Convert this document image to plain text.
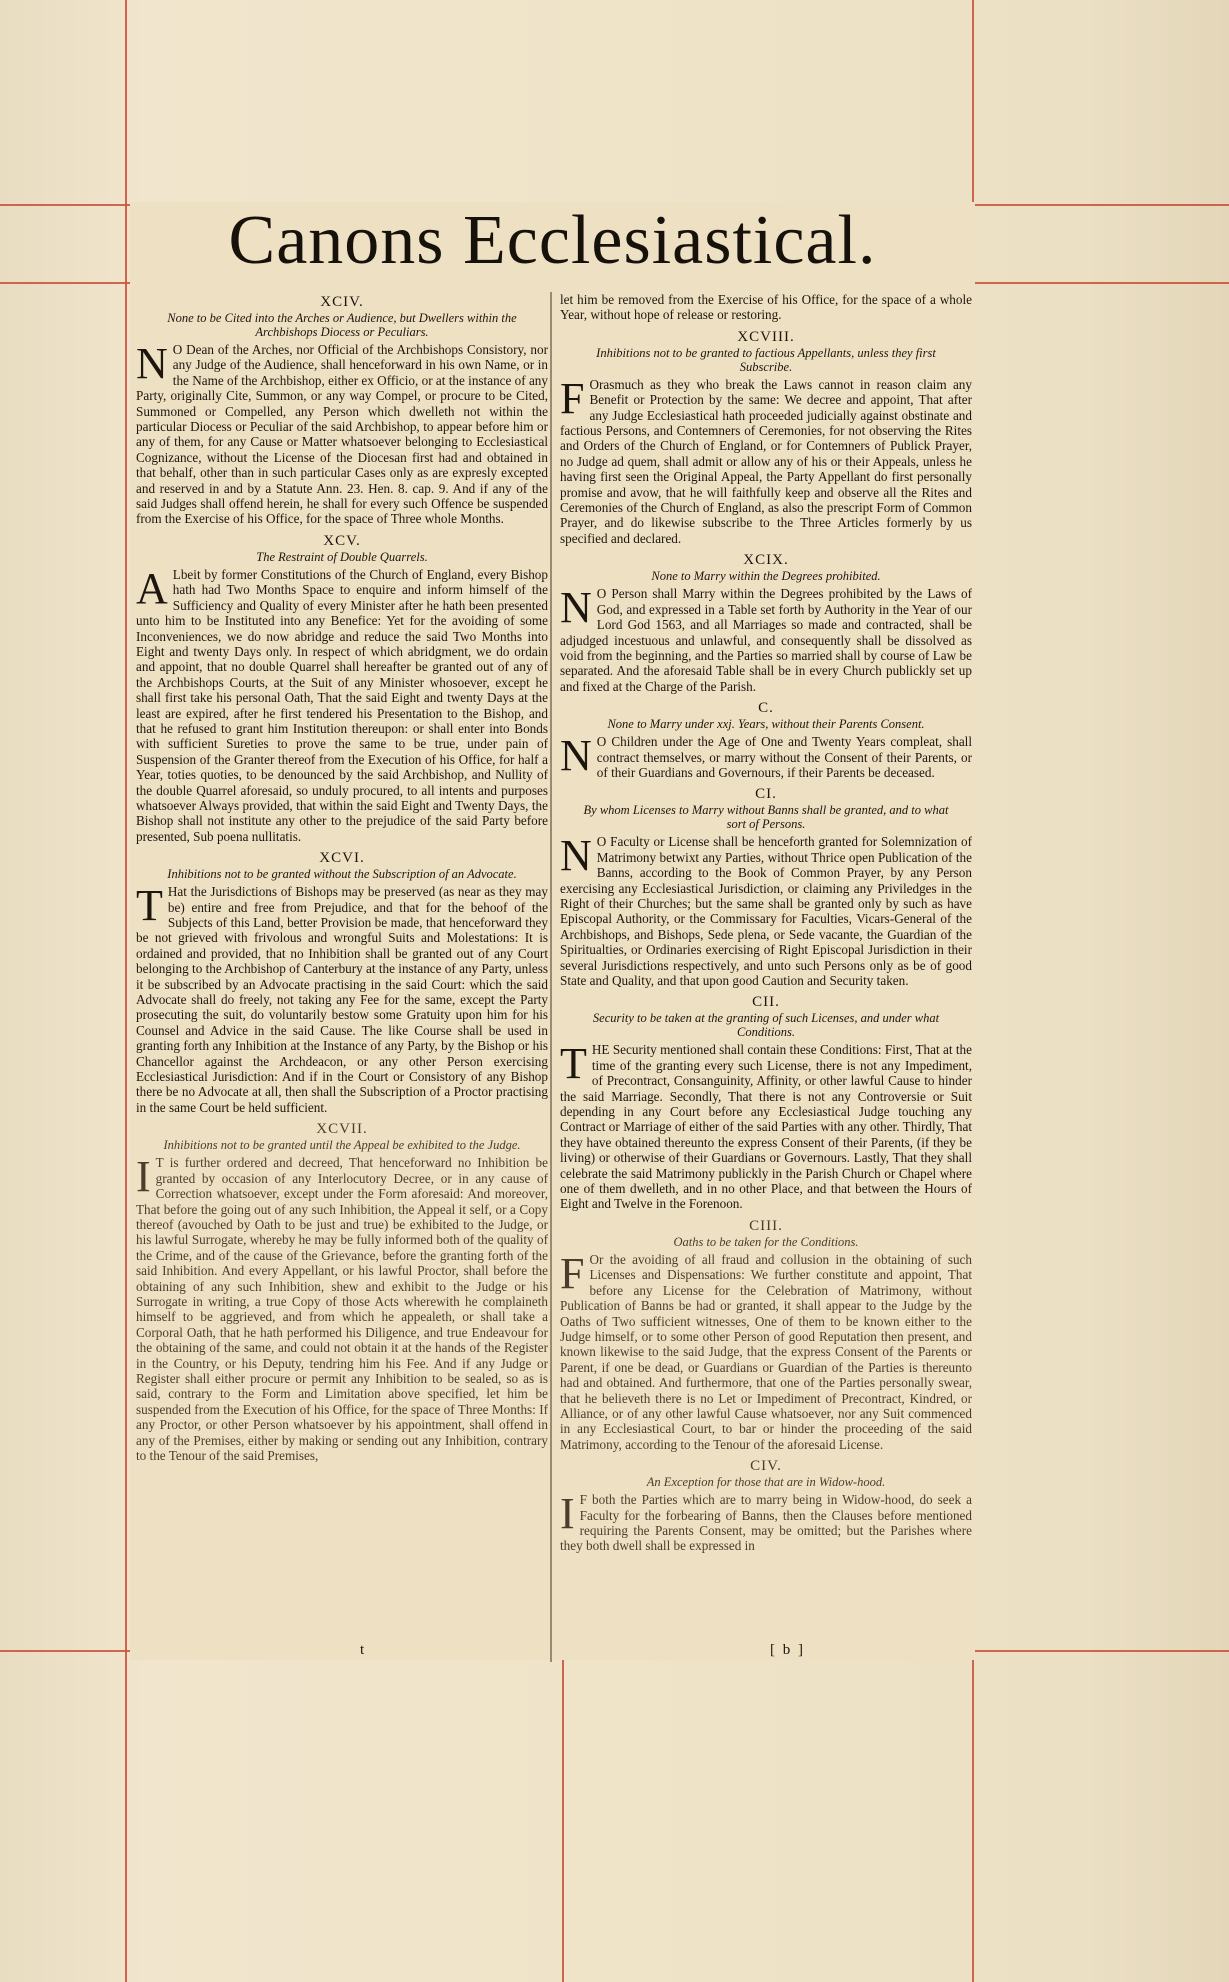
Canons Ecclesiastical.
XCIV.
None to be Cited into the Arches or Audience, but Dwellers within the Archbishops Diocess or Peculiars.

N O Dean of the Arches, nor Official of the Archbishops Consistory, nor any Judge of the Audience, shall henceforward in his own Name, or in the Name of the Archbishop, either ex Officio, or at the instance of any Party, originally Cite, Summon, or any way Compel, or procure to be Cited, Summoned or Compelled, any Person which dwelleth not within the particular Diocess or Peculiar of the said Archbishop, to appear before him or any of them, for any Cause or Matter whatsoever belonging to Ecclesiastical Cognizance, without the License of the Diocesan first had and obtained in that behalf, other than in such particular Cases only as are expresly excepted and reserved in and by a Statute Ann. 23. Hen. 8. cap. 9. And if any of the said Judges shall offend herein, he shall for every such Offence be suspended from the Exercise of his Office, for the space of Three whole Months.

XCV.
The Restraint of Double Quarrels.

A Lbeit by former Constitutions of the Church of England, every Bishop hath had Two Months Space to enquire and inform himself of the Sufficiency and Quality of every Minister after he hath been presented unto him to be Instituted into any Benefice: Yet for the avoiding of some Inconveniences, we do now abridge and reduce the said Two Months into Eight and twenty Days only. In respect of which abridgment, we do ordain and appoint, that no double Quarrel shall hereafter be granted out of any of the Archbishops Courts, at the Suit of any Minister whosoever, except he shall first take his personal Oath, That the said Eight and twenty Days at the least are expired, after he first tendered his Presentation to the Bishop, and that he refused to grant him Institution thereupon: or shall enter into Bonds with sufficient Sureties to prove the same to be true, under pain of Suspension of the Granter thereof from the Execution of his Office, for half a Year, toties quoties, to be denounced by the said Archbishop, and Nullity of the double Quarrel aforesaid, so unduly procured, to all intents and purposes whatsoever Always provided, that within the said Eight and Twenty Days, the Bishop shall not institute any other to the prejudice of the said Party before presented, Sub poena nullitatis.

XCVI.
Inhibitions not to be granted without the Subscription of an Advocate.

T Hat the Jurisdictions of Bishops may be preserved (as near as they may be) entire and free from Prejudice, and that for the behoof of the Subjects of this Land, better Provision be made, that henceforward they be not grieved with frivolous and wrongful Suits and Molestations: It is ordained and provided, that no Inhibition shall be granted out of any Court belonging to the Archbishop of Canterbury at the instance of any Party, unless it be subscribed by an Advocate practising in the said Court: which the said Advocate shall do freely, not taking any Fee for the same, except the Party prosecuting the suit, do voluntarily bestow some Gratuity upon him for his Counsel and Advice in the said Cause. The like Course shall be used in granting forth any Inhibition at the Instance of any Party, by the Bishop or his Chancellor against the Archdeacon, or any other Person exercising Ecclesiastical Jurisdiction: And if in the Court or Consistory of any Bishop there be no Advocate at all, then shall the Subscription of a Proctor practising in the same Court be held sufficient.

XCVII.
Inhibitions not to be granted until the Appeal be exhibited to the Judge.

I T is further ordered and decreed, That henceforward no Inhibition be granted by occasion of any Interlocutory Decree, or in any cause of Correction whatsoever, except under the Form aforesaid: And moreover, That before the going out of any such Inhibition, the Appeal it self, or a Copy thereof (avouched by Oath to be just and true) be exhibited to the Judge, or his lawful Surrogate, whereby he may be fully informed both of the quality of the Crime, and of the cause of the Grievance, before the granting forth of the said Inhibition. And every Appellant, or his lawful Proctor, shall before the obtaining of any such Inhibition, shew and exhibit to the Judge or his Surrogate in writing, a true Copy of those Acts wherewith he complaineth himself to be aggrieved, and from which he appealeth, or shall take a Corporal Oath, that he hath performed his Diligence, and true Endeavour for the obtaining of the same, and could not obtain it at the hands of the Register in the Country, or his Deputy, tendring him his Fee. And if any Judge or Register shall either procure or permit any Inhibition to be sealed, so as is said, contrary to the Form and Limitation above specified, let him be suspended from the Execution of his Office, for the space of Three Months: If any Proctor, or other Person whatsoever by his appointment, shall offend in any of the Premises, either by making or sending out any Inhibition, contrary to the Tenour of the said Premises,

let him be removed from the Exercise of his Office, for the space of a whole Year, without hope of release or restoring.

XCVIII.
Inhibitions not to be granted to factious Appellants, unless they first Subscribe.

F Orasmuch as they who break the Laws cannot in reason claim any Benefit or Protection by the same: We decree and appoint, That after any Judge Ecclesiastical hath proceeded judicially against obstinate and factious Persons, and Contemners of Ceremonies, for not observing the Rites and Orders of the Church of England, or for Contemners of Publick Prayer, no Judge ad quem, shall admit or allow any of his or their Appeals, unless he having first seen the Original Appeal, the Party Appellant do first personally promise and avow, that he will faithfully keep and observe all the Rites and Ceremonies of the Church of England, as also the prescript Form of Common Prayer, and do likewise subscribe to the Three Articles formerly by us specified and declared.

XCIX.
None to Marry within the Degrees prohibited.

N O Person shall Marry within the Degrees prohibited by the Laws of God, and expressed in a Table set forth by Authority in the Year of our Lord God 1563, and all Marriages so made and contracted, shall be adjudged incestuous and unlawful, and consequently shall be dissolved as void from the beginning, and the Parties so married shall by course of Law be separated. And the aforesaid Table shall be in every Church publickly set up and fixed at the Charge of the Parish.

C.
None to Marry under xxj. Years, without their Parents Consent.

N O Children under the Age of One and Twenty Years compleat, shall contract themselves, or marry without the Consent of their Parents, or of their Guardians and Governours, if their Parents be deceased.

CI.
By whom Licenses to Marry without Banns shall be granted, and to what sort of Persons.

N O Faculty or License shall be henceforth granted for Solemnization of Matrimony betwixt any Parties, without Thrice open Publication of the Banns, according to the Book of Common Prayer, by any Person exercising any Ecclesiastical Jurisdiction, or claiming any Priviledges in the Right of their Churches; but the same shall be granted only by such as have Episcopal Authority, or the Commissary for Faculties, Vicars-General of the Archbishops, and Bishops, Sede plena, or Sede vacante, the Guardian of the Spiritualties, or Ordinaries exercising of Right Episcopal Jurisdiction in their several Jurisdictions respectively, and unto such Persons only as be of good State and Quality, and that upon good Caution and Security taken.

CII.
Security to be taken at the granting of such Licenses, and under what Conditions.

THE Security mentioned shall contain these Conditions: First, That at the time of the granting every such License, there is not any Impediment, of Precontract, Consanguinity, Affinity, or other lawful Cause to hinder the said Marriage. Secondly, That there is not any Controversie or Suit depending in any Court before any Ecclesiastical Judge touching any Contract or Marriage of either of the said Parties with any other. Thirdly, That they have obtained thereunto the express Consent of their Parents, (if they be living) or otherwise of their Guardians or Governours. Lastly, That they shall celebrate the said Matrimony publickly in the Parish Church or Chapel where one of them dwelleth, and in no other Place, and that between the Hours of Eight and Twelve in the Forenoon.

CIII.
Oaths to be taken for the Conditions.

F Or the avoiding of all fraud and collusion in the obtaining of such Licenses and Dispensations: We further constitute and appoint, That before any License for the Celebration of Matrimony, without Publication of Banns be had or granted, it shall appear to the Judge by the Oaths of Two sufficient witnesses, One of them to be known either to the Judge himself, or to some other Person of good Reputation then present, and known likewise to the said Judge, that the express Consent of the Parents or Parent, if one be dead, or Guardians or Guardian of the Parties is thereunto had and obtained. And furthermore, that one of the Parties personally swear, that he believeth there is no Let or Impediment of Precontract, Kindred, or Alliance, or of any other lawful Cause whatsoever, nor any Suit commenced in any Ecclesiastical Court, to bar or hinder the proceeding of the said Matrimony, according to the Tenour of the aforesaid License.

CIV.
An Exception for those that are in Widow-hood.

I F both the Parties which are to marry being in Widow-hood, do seek a Faculty for the forbearing of Banns, then the Clauses before mentioned requiring the Parents Consent, may be omitted; but the Parishes where they both dwell shall be expressed in

t	[ b ]
